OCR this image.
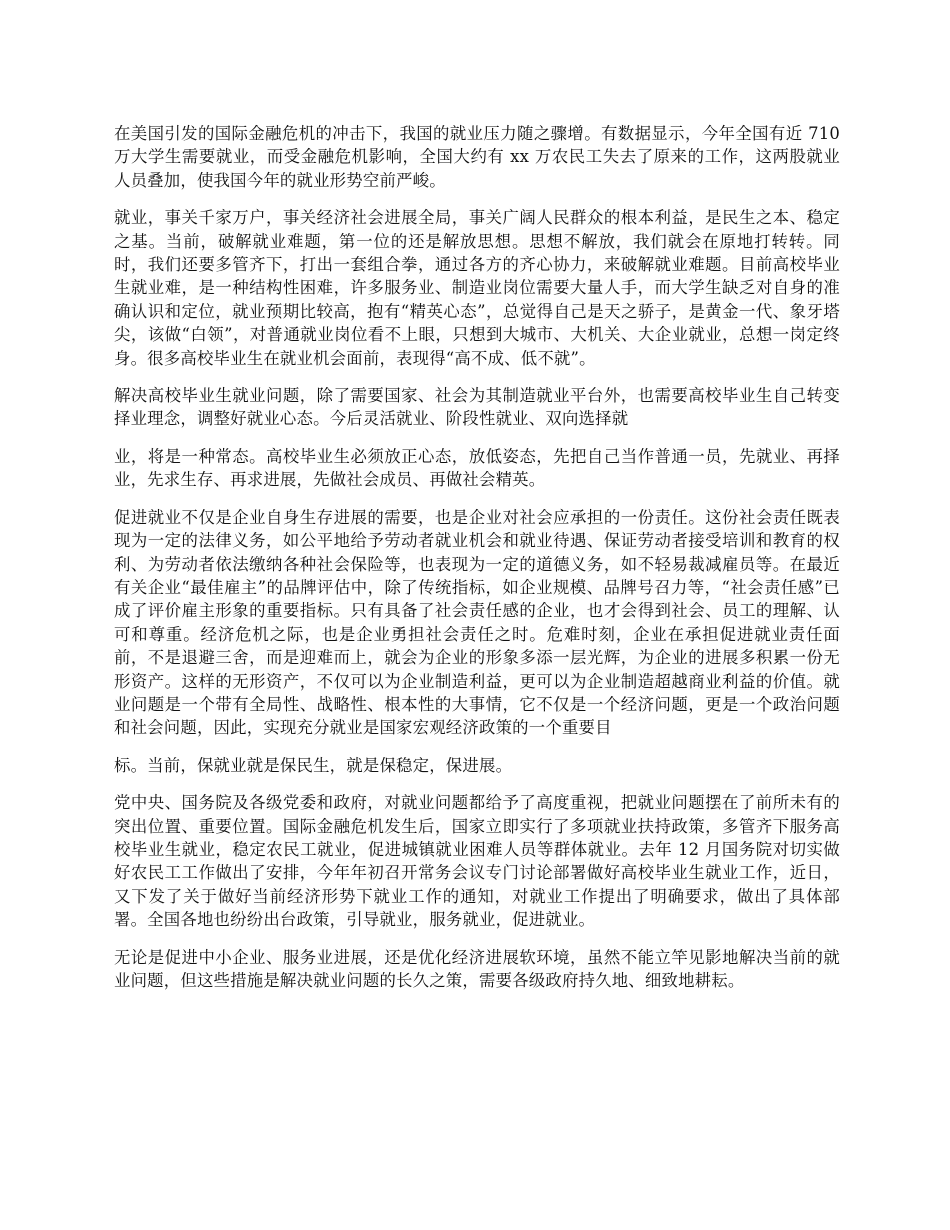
在美国引发的国际金融危机的冲击下，我国的就业压力随之骤增。有数据显示，今年全国有近 710 万大学生需要就业，而受金融危机影响，全国大约有 xx 万农民工失去了原来的工作，这两股就业人员叠加，使我国今年的就业形势空前严峻。

就业，事关千家万户，事关经济社会进展全局，事关广阔人民群众的根本利益，是民生之本、稳定之基。当前，破解就业难题，第一位的还是解放思想。思想不解放，我们就会在原地打转转。同时，我们还要多管齐下，打出一套组合拳，通过各方的齐心协力，来破解就业难题。目前高校毕业生就业难，是一种结构性困难，许多服务业、制造业岗位需要大量人手，而大学生缺乏对自身的准确认识和定位，就业预期比较高，抱有“精英心态”，总觉得自己是天之骄子，是黄金一代、象牙塔尖，该做“白领”，对普通就业岗位看不上眼，只想到大城市、大机关、大企业就业，总想一岗定终身。很多高校毕业生在就业机会面前，表现得“高不成、低不就”。

解决高校毕业生就业问题，除了需要国家、社会为其制造就业平台外，也需要高校毕业生自己转变择业理念，调整好就业心态。今后灵活就业、阶段性就业、双向选择就

业，将是一种常态。高校毕业生必须放正心态，放低姿态，先把自己当作普通一员，先就业、再择业，先求生存、再求进展，先做社会成员、再做社会精英。

促进就业不仅是企业自身生存进展的需要，也是企业对社会应承担的一份责任。这份社会责任既表现为一定的法律义务，如公平地给予劳动者就业机会和就业待遇、保证劳动者接受培训和教育的权利、为劳动者依法缴纳各种社会保险等，也表现为一定的道德义务，如不轻易裁减雇员等。在最近有关企业“最佳雇主”的品牌评估中，除了传统指标，如企业规模、品牌号召力等，“社会责任感”已成了评价雇主形象的重要指标。只有具备了社会责任感的企业，也才会得到社会、员工的理解、认可和尊重。经济危机之际，也是企业勇担社会责任之时。危难时刻，企业在承担促进就业责任面前，不是退避三舍，而是迎难而上，就会为企业的形象多添一层光辉，为企业的进展多积累一份无形资产。这样的无形资产，不仅可以为企业制造利益，更可以为企业制造超越商业利益的价值。就业问题是一个带有全局性、战略性、根本性的大事情，它不仅是一个经济问题，更是一个政治问题和社会问题，因此，实现充分就业是国家宏观经济政策的一个重要目

标。当前，保就业就是保民生，就是保稳定，保进展。

党中央、国务院及各级党委和政府，对就业问题都给予了高度重视，把就业问题摆在了前所未有的突出位置、重要位置。国际金融危机发生后，国家立即实行了多项就业扶持政策，多管齐下服务高校毕业生就业，稳定农民工就业，促进城镇就业困难人员等群体就业。去年 12 月国务院对切实做好农民工工作做出了安排，今年年初召开常务会议专门讨论部署做好高校毕业生就业工作，近日，又下发了关于做好当前经济形势下就业工作的通知，对就业工作提出了明确要求，做出了具体部署。全国各地也纷纷出台政策，引导就业，服务就业，促进就业。

无论是促进中小企业、服务业进展，还是优化经济进展软环境，虽然不能立竿见影地解决当前的就业问题，但这些措施是解决就业问题的长久之策，需要各级政府持久地、细致地耕耘。
